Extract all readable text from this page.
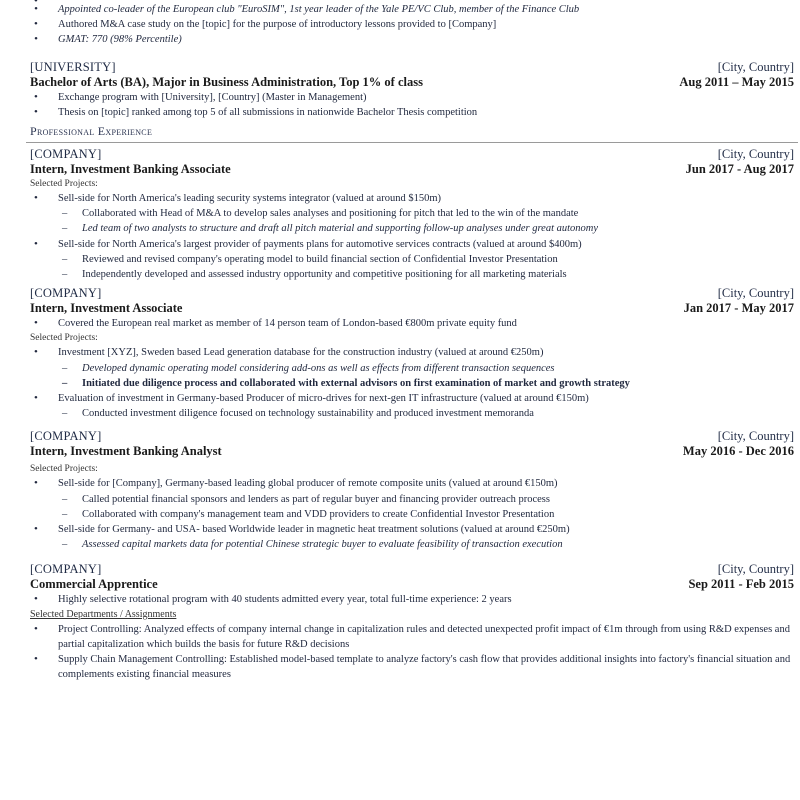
•
• Appointed co-leader of the European club "EuroSIM", 1st year leader of the Yale PE/VC Club, member of the Finance Club
• Authored M&A case study on the [topic] for the purpose of introductory lessons provided to [Company]
• GMAT: 770 (98% Percentile)
[UNIVERSITY]	[City, Country]
Bachelor of Arts (BA), Major in Business Administration, Top 1% of class	Aug 2011 – May 2015
• Exchange program with [University], [Country] (Master in Management)
• Thesis on [topic] ranked among top 5 of all submissions in nationwide Bachelor Thesis competition
Professional Experience
[COMPANY]	[City, Country]
Intern, Investment Banking Associate	Jun 2017 - Aug 2017
Selected Projects:
• Sell-side for North America's leading security systems integrator (valued at around $150m)
– Collaborated with Head of M&A to develop sales analyses and positioning for pitch that led to the win of the mandate
– Led team of two analysts to structure and draft all pitch material and supporting follow-up analyses under great autonomy
• Sell-side for North America's largest provider of payments plans for automotive services contracts (valued at around $400m)
– Reviewed and revised company's operating model to build financial section of Confidential Investor Presentation
– Independently developed and assessed industry opportunity and competitive positioning for all marketing materials
[COMPANY]	[City, Country]
Intern, Investment Associate	Jan 2017 - May 2017
• Covered the European real market as member of 14 person team of London-based €800m private equity fund
Selected Projects:
• Investment [XYZ], Sweden based Lead generation database for the construction industry (valued at around €250m)
– Developed dynamic operating model considering add-ons as well as effects from different transaction sequences
– Initiated due diligence process and collaborated with external advisors on first examination of market and growth strategy
• Evaluation of investment in Germany-based Producer of micro-drives for next-gen IT infrastructure (valued at around €150m)
– Conducted investment diligence focused on technology sustainability and produced investment memoranda
[COMPANY]	[City, Country]
Intern, Investment Banking Analyst	May 2016 - Dec 2016
Selected Projects:
• Sell-side for [Company], Germany-based leading global producer of remote composite units (valued at around €150m)
– Called potential financial sponsors and lenders as part of regular buyer and financing provider outreach process
– Collaborated with company's management team and VDD providers to create Confidential Investor Presentation
• Sell-side for Germany- and USA- based Worldwide leader in magnetic heat treatment solutions (valued at around €250m)
– Assessed capital markets data for potential Chinese strategic buyer to evaluate feasibility of transaction execution
[COMPANY]	[City, Country]
Commercial Apprentice	Sep 2011 - Feb 2015
• Highly selective rotational program with 40 students admitted every year, total full-time experience: 2 years
Selected Departments / Assignments
• Project Controlling: Analyzed effects of company internal change in capitalization rules and detected unexpected profit impact of €1m through from using R&D expenses and partial capitalization which builds the basis for future R&D decisions
• Supply Chain Management Controlling: Established model-based template to analyze factory's cash flow that provides additional insights into factory's financial situation and complements existing financial measures
